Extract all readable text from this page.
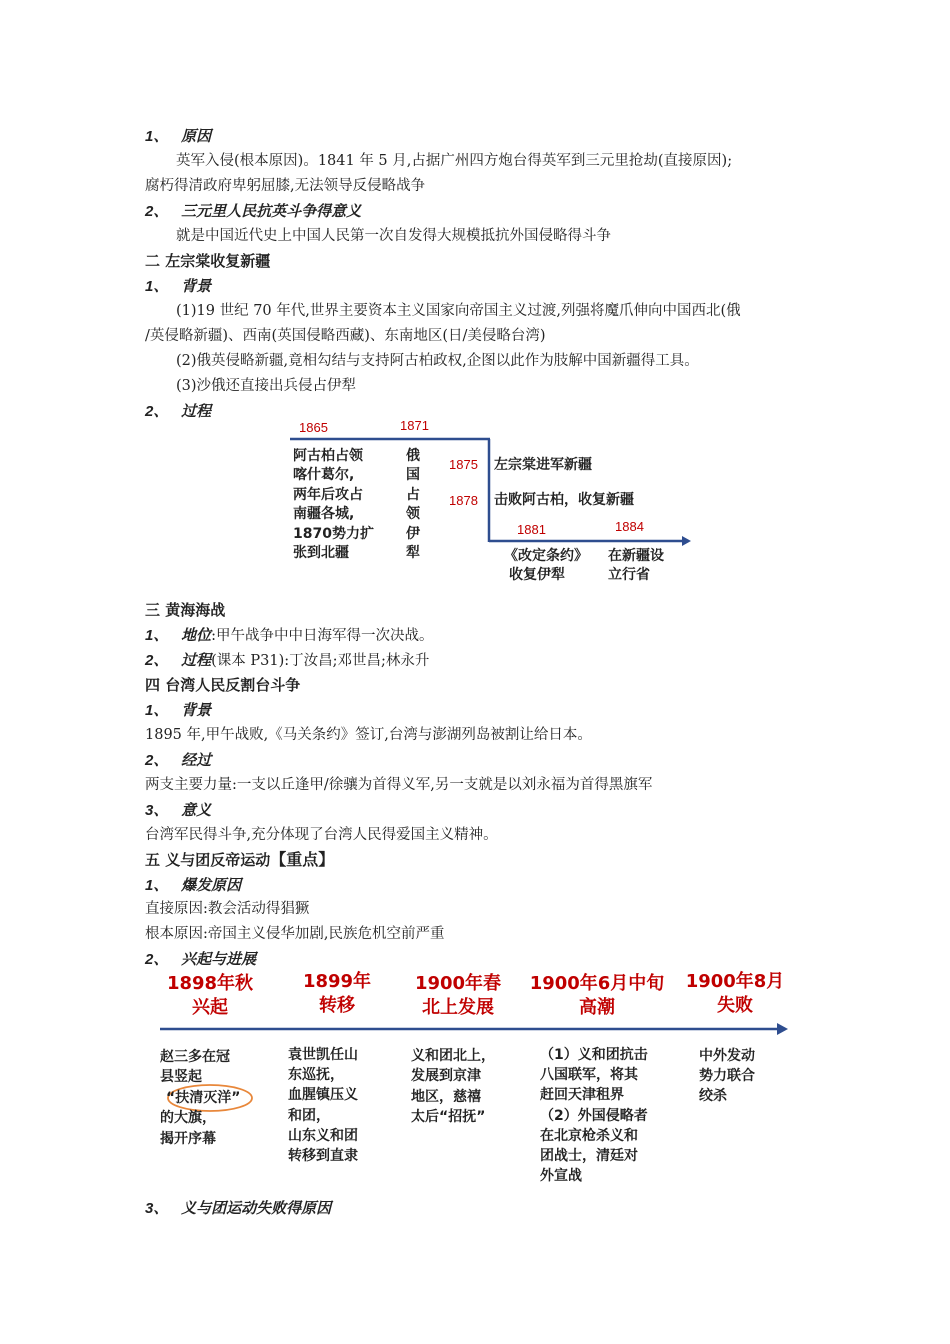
1、 原因
英军入侵(根本原因)。1841 年 5 月,占据广州四方炮台得英军到三元里抢劫(直接原因);
腐朽得清政府卑躬屈膝,无法领导反侵略战争
2、 三元里人民抗英斗争得意义
就是中国近代史上中国人民第一次自发得大规模抵抗外国侵略得斗争
二 左宗棠收复新疆
1、 背景
(1)19 世纪 70 年代,世界主要资本主义国家向帝国主义过渡,列强将魔爪伸向中国西北(俄
/英侵略新疆)、西南(英国侵略西藏)、东南地区(日/美侵略台湾)
(2)俄英侵略新疆,竟相勾结与支持阿古柏政权,企图以此作为肢解中国新疆得工具。
(3)沙俄还直接出兵侵占伊犁
2、 过程
1865	1871
1875
1878
1881	1884
阿古柏占领
喀什葛尔,
两年后攻占
南疆各城,
1870势力扩
张到北疆
俄
国
占
领
伊
犁
左宗棠进军新疆
击败阿古柏，收复新疆
《改定条约》
收复伊犁
在新疆设
立行省
三 黄海海战
1、 地位:甲午战争中中日海军得一次决战。
2、 过程(课本 P31):丁汝昌;邓世昌;林永升
四 台湾人民反割台斗争
1、 背景
1895 年,甲午战败,《马关条约》签订,台湾与澎湖列岛被割让给日本。
2、 经过
两支主要力量:一支以丘逢甲/徐骧为首得义军,另一支就是以刘永福为首得黑旗军
3、 意义
台湾军民得斗争,充分体现了台湾人民得爱国主义精神。
五 义与团反帝运动【重点】
1、 爆发原因
直接原因:教会活动得猖獗
根本原因:帝国主义侵华加剧,民族危机空前严重
2、 兴起与进展
1898年秋
兴起
1899年
转移
1900年春
北上发展
1900年6月中旬
高潮
1900年8月
失败
赵三多在冠
县竖起
“扶清灭洋”
的大旗，
揭开序幕
袁世凯任山
东巡抚，
血腥镇压义
和团，
山东义和团
转移到直隶
义和团北上，
发展到京津
地区，慈禧
太后“招抚”
（1）义和团抗击
八国联军，将其
赶回天津租界
（2）外国侵略者
在北京枪杀义和
团战士，清廷对
外宣战
中外发动
势力联合
绞杀
3、 义与团运动失败得原因
